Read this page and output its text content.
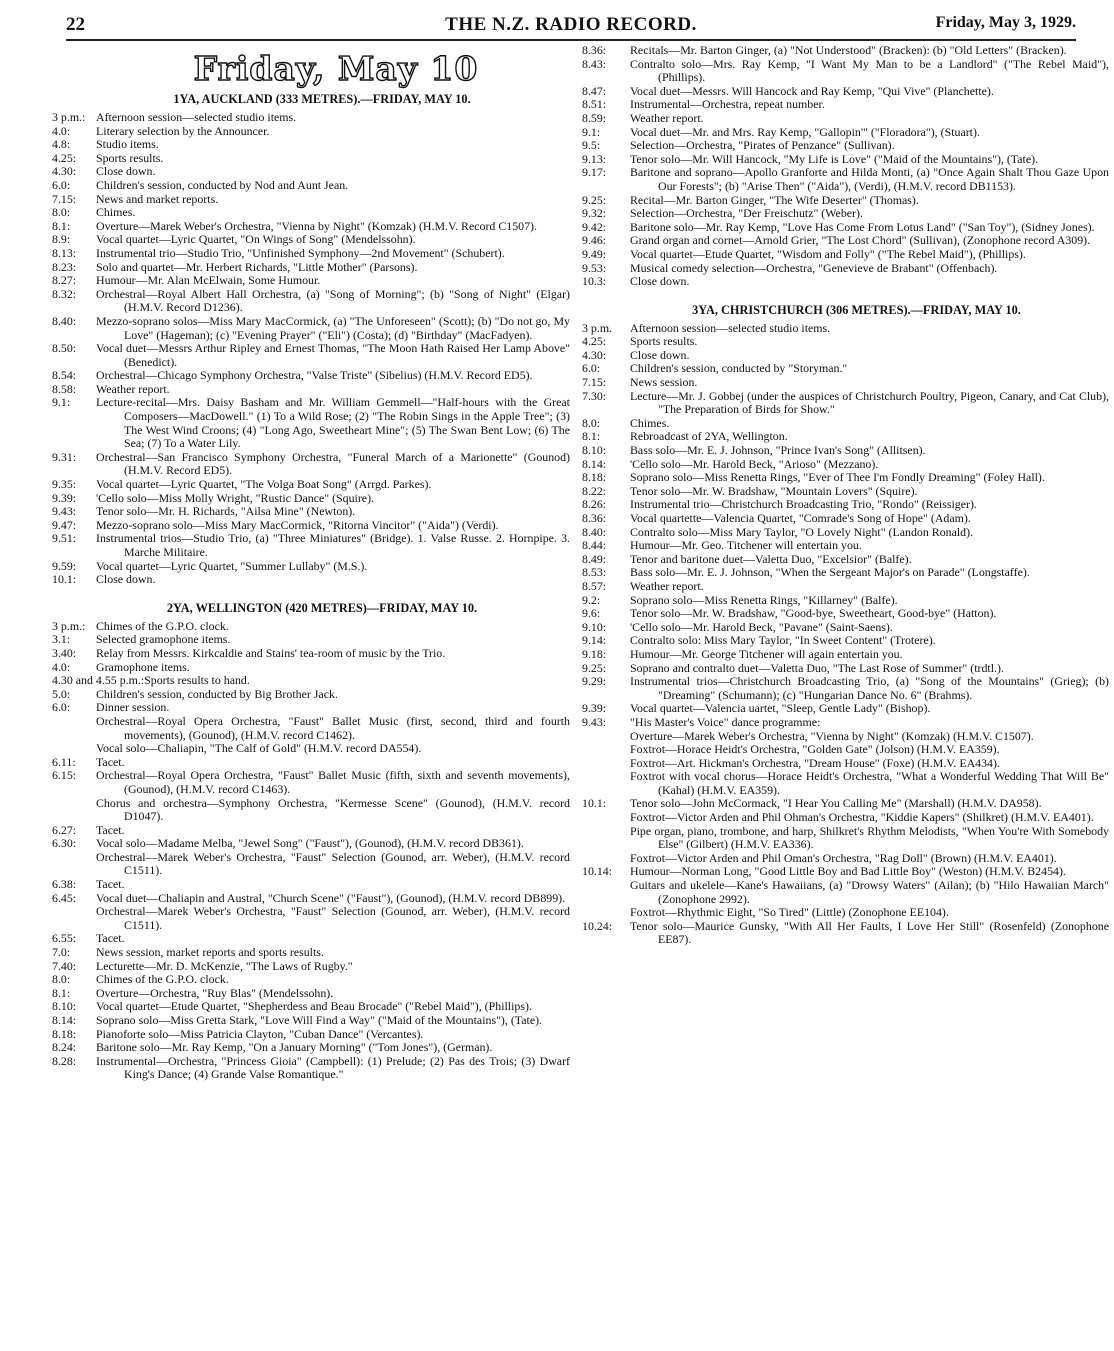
22	THE N.Z. RADIO RECORD.	Friday, May 3, 1929.
Friday, May 10
1YA, AUCKLAND (333 METRES).—FRIDAY, MAY 10.
3 p.m.: Afternoon session—selected studio items.
4.0:	Literary selection by the Announcer.
4.8:	Studio items.
4.25:	Sports results.
4.30:	Close down.
6.0:	Children's session, conducted by Nod and Aunt Jean.
7.15:	News and market reports.
8.0:	Chimes.
8.1:	Overture—Marek Weber's Orchestra, "Vienna by Night" (Komzak) (H.M.V. Record C1507).
8.9:	Vocal quartet—Lyric Quartet, "On Wings of Song" (Mendelssohn).
8.13:	Instrumental trio—Studio Trio, "Unfinished Symphony—2nd Movement" (Schubert).
8.23:	Solo and quartet—Mr. Herbert Richards, "Little Mother" (Parsons).
8.27:	Humour—Mr. Alan McElwain, Some Humour.
8.32:	Orchestral—Royal Albert Hall Orchestra, (a) "Song of Morning"; (b) "Song of Night" (Elgar) (H.M.V. Record D1236).
8.40:	Mezzo-soprano solos—Miss Mary MacCormick, (a) "The Unforeseen" (Scott); (b) "Do not go, My Love" (Hageman); (c) "Evening Prayer" ("Eli") (Costa); (d) "Birthday" (MacFadyen).
8.50:	Vocal duet—Messrs Arthur Ripley and Ernest Thomas, "The Moon Hath Raised Her Lamp Above" (Benedict).
8.54:	Orchestral—Chicago Symphony Orchestra, "Valse Triste" (Sibelius) (H.M.V. Record ED5).
8.58:	Weather report.
9.1:	Lecture-recital—Mrs. Daisy Basham and Mr. William Gemmell—"Half-hours with the Great Composers—MacDowell." (1) To a Wild Rose; (2) "The Robin Sings in the Apple Tree"; (3) The West Wind Croons; (4) "Long Ago, Sweetheart Mine"; (5) The Swan Bent Low; (6) The Sea; (7) To a Water Lily.
9.31:	Orchestral—San Francisco Symphony Orchestra, "Funeral March of a Marionette" (Gounod) (H.M.V. Record ED5).
9.35:	Vocal quartet—Lyric Quartet, "The Volga Boat Song" (Arrgd. Parkes).
9.39:	'Cello solo—Miss Molly Wright, "Rustic Dance" (Squire).
9.43:	Tenor solo—Mr. H. Richards, "Ailsa Mine" (Newton).
9.47:	Mezzo-soprano solo—Miss Mary MacCormick, "Ritorna Vincitor" ("Aida") (Verdi).
9.51:	Instrumental trios—Studio Trio, (a) "Three Miniatures" (Bridge). 1. Valse Russe. 2. Hornpipe. 3. Marche Militaire.
9.59:	Vocal quartet—Lyric Quartet, "Summer Lullaby" (M.S.).
10.1:	Close down.
2YA, WELLINGTON (420 METRES)—FRIDAY, MAY 10.
3 p.m.: Chimes of the G.P.O. clock.
3.1:	Selected gramophone items.
3.40:	Relay from Messrs. Kirkcaldie and Stains' tea-room of music by the Trio.
4.0:	Gramophone items.
4.30 and 4.55 p.m.: Sports results to hand.
5.0:	Children's session, conducted by Big Brother Jack.
6.0:	Dinner session.
Orchestral—Royal Opera Orchestra, "Faust" Ballet Music (first, second, third and fourth movements), (Gounod), (H.M.V. record C1462).
Vocal solo—Chaliapin, "The Calf of Gold" (H.M.V. record DA554).
6.11:	Tacet.
6.15:	Orchestral—Royal Opera Orchestra, "Faust" Ballet Music (fifth, sixth and seventh movements), (Gounod), (H.M.V. record C1463).
Chorus and orchestra—Symphony Orchestra, "Kermesse Scene" (Gounod), (H.M.V. record D1047).
6.27:	Tacet.
6.30:	Vocal solo—Madame Melba, "Jewel Song" ("Faust"), (Gounod), (H.M.V. record DB361).
Orchestral—Marek Weber's Orchestra, "Faust" Selection (Gounod, arr. Weber), (H.M.V. record C1511).
6.38:	Tacet.
6.45:	Vocal duet—Chaliapin and Austral, "Church Scene" ("Faust"), (Gounod), (H.M.V. record DB899).
Orchestral—Marek Weber's Orchestra, "Faust" Selection (Gounod, arr. Weber), (H.M.V. record C1511).
6.55:	Tacet.
7.0:	News session, market reports and sports results.
7.40:	Lecturette—Mr. D. McKenzie, "The Laws of Rugby."
8.0:	Chimes of the G.P.O. clock.
8.1:	Overture—Orchestra, "Ruy Blas" (Mendelssohn).
8.10:	Vocal quartet—Etude Quartet, "Shepherdess and Beau Brocade" ("Rebel Maid"), (Phillips).
8.14:	Soprano solo—Miss Gretta Stark, "Love Will Find a Way" ("Maid of the Mountains"), (Tate).
8.18:	Pianoforte solo—Miss Patricia Clayton, "Cuban Dance" (Vercantes).
8.24:	Baritone solo—Mr. Ray Kemp, "On a January Morning" ("Tom Jones"), (German).
8.28:	Instrumental—Orchestra, "Princess Gioia" (Campbell): (1) Prelude; (2) Pas des Trois; (3) Dwarf King's Dance; (4) Grande Valse Romantique."
8.36:	Recitals—Mr. Barton Ginger, (a) "Not Understood" (Bracken): (b) "Old Letters" (Bracken).
8.43:	Contralto solo—Mrs. Ray Kemp, "I Want My Man to be a Landlord" ("The Rebel Maid"), (Phillips).
8.47:	Vocal duet—Messrs. Will Hancock and Ray Kemp, "Qui Vive" (Planchette).
8.51:	Instrumental—Orchestra, repeat number.
8.59:	Weather report.
9.1:	Vocal duet—Mr. and Mrs. Ray Kemp, "Gallopin'" ("Floradora"), (Stuart).
9.5:	Selection—Orchestra, "Pirates of Penzance" (Sullivan).
9.13:	Tenor solo—Mr. Will Hancock, "My Life is Love" ("Maid of the Mountains"), (Tate).
9.17:	Baritone and soprano—Apollo Granforte and Hilda Monti, (a) "Once Again Shalt Thou Gaze Upon Our Forests"; (b) "Arise Then" ("Aida"), (Verdi), (H.M.V. record DB1153).
9.25:	Recital—Mr. Barton Ginger, "The Wife Deserter" (Thomas).
9.32:	Selection—Orchestra, "Der Freischutz" (Weber).
9.42:	Baritone solo—Mr. Ray Kemp, "Love Has Come From Lotus Land" ("San Toy"), (Sidney Jones).
9.46:	Grand organ and cornet—Arnold Grier, "The Lost Chord" (Sullivan), (Zonophone record A309).
9.49:	Vocal quartet—Etude Quartet, "Wisdom and Folly" ("The Rebel Maid"), (Phillips).
9.53:	Musical comedy selection—Orchestra, "Genevieve de Brabant" (Offenbach).
10.3:	Close down.
3YA, CHRISTCHURCH (306 METRES).—FRIDAY, MAY 10.
3 p.m.	Afternoon session—selected studio items.
4.25:	Sports results.
4.30:	Close down.
6.0:	Children's session, conducted by "Storyman."
7.15:	News session.
7.30:	Lecture—Mr. J. Gobbej (under the auspices of Christchurch Poultry, Pigeon, Canary, and Cat Club), "The Preparation of Birds for Show."
8.0:	Chimes.
8.1:	Rebroadcast of 2YA, Wellington.
8.10:	Bass solo—Mr. E. J. Johnson, "Prince Ivan's Song" (Allitsen).
8.14:	'Cello solo—Mr. Harold Beck, "Arioso" (Mezzano).
8.18:	Soprano solo—Miss Renetta Rings, "Ever of Thee I'm Fondly Dreaming" (Foley Hall).
8.22:	Tenor solo—Mr. W. Bradshaw, "Mountain Lovers" (Squire).
8.26:	Instrumental trio—Christchurch Broadcasting Trio, "Rondo" (Reissiger).
8.36:	Vocal quartette—Valencia Quartet, "Comrade's Song of Hope" (Adam).
8.40:	Contralto solo—Miss Mary Taylor, "O Lovely Night" (Landon Ronald).
8.44:	Humour—Mr. Geo. Titchener will entertain you.
8.49:	Tenor and baritone duet—Valetta Duo, "Excelsior" (Balfe).
8.53:	Bass solo—Mr. E. J. Johnson, "When the Sergeant Major's on Parade" (Longstaffe).
8.57:	Weather report.
9.2:	Soprano solo—Miss Renetta Rings, "Killarney" (Balfe).
9.6:	Tenor solo—Mr. W. Bradshaw, "Good-bye, Sweetheart, Good-bye" (Hatton).
9.10:	'Cello solo—Mr. Harold Beck, "Pavane" (Saint-Saens).
9.14:	Contralto solo: Miss Mary Taylor, "In Sweet Content" (Trotere).
9.18:	Humour—Mr. George Titchener will again entertain you.
9.25:	Soprano and contralto duet—Valetta Duo, "The Last Rose of Summer" (trdtl.).
9.29:	Instrumental trios—Christchurch Broadcasting Trio, (a) "Song of the Mountains" (Grieg); (b) "Dreaming" (Schumann); (c) "Hungarian Dance No. 6" (Brahms).
9.39:	Vocal quartet—Valencia uartet, "Sleep, Gentle Lady" (Bishop).
9.43:	"His Master's Voice" dance programme:
Overture—Marek Weber's Orchestra, "Vienna by Night" (Komzak) (H.M.V. C1507).
Foxtrot—Horace Heidt's Orchestra, "Golden Gate" (Jolson) (H.M.V. EA359).
Foxtrot—Art. Hickman's Orchestra, "Dream House" (Foxe) (H.M.V. EA434).
Foxtrot with vocal chorus—Horace Heidt's Orchestra, "What a Wonderful Wedding That Will Be" (Kahal) (H.M.V. EA359).
10.1:	Tenor solo—John McCormack, "I Hear You Calling Me" (Marshall) (H.M.V. DA958).
Foxtrot—Victor Arden and Phil Ohman's Orchestra, "Kiddie Kapers" (Shilkret) (H.M.V. EA401).
Pipe organ, piano, trombone, and harp, Shilkret's Rhythm Melodists, "When You're With Somebody Else" (Gilbert) (H.M.V. EA336).
Foxtrot—Victor Arden and Phil Oman's Orchestra, "Rag Doll" (Brown) (H.M.V. EA401).
10.14:	Humour—Norman Long, "Good Little Boy and Bad Little Boy" (Weston) (H.M.V. B2454).
Guitars and ukelele—Kane's Hawaiians, (a) "Drowsy Waters" (Ailan); (b) "Hilo Hawaiian March" (Zonophone 2992).
Foxtrot—Rhythmic Eight, "So Tired" (Little) (Zonophone EE104).
10.24:	Tenor solo—Maurice Gunsky, "With All Her Faults, I Love Her Still" (Rosenfeld) (Zonophone EE87).
